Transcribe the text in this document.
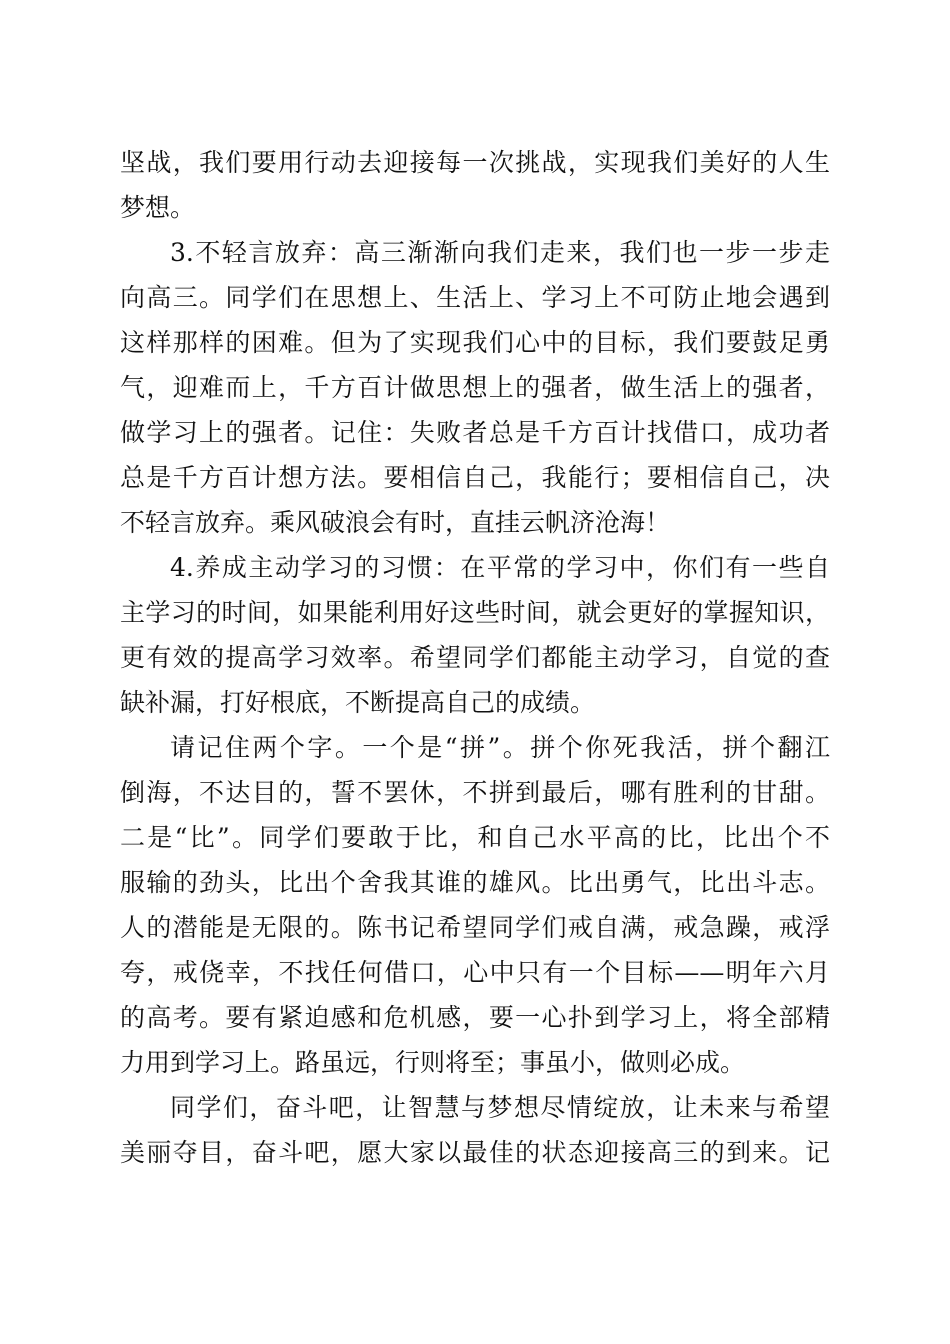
坚战，我们要用行动去迎接每一次挑战，实现我们美好的人生
梦想。
3.不轻言放弃：高三渐渐向我们走来，我们也一步一步走
向高三。同学们在思想上、生活上、学习上不可防止地会遇到
这样那样的困难。但为了实现我们心中的目标，我们要鼓足勇
气，迎难而上，千方百计做思想上的强者，做生活上的强者，
做学习上的强者。记住：失败者总是千方百计找借口，成功者
总是千方百计想方法。要相信自己，我能行；要相信自己，决
不轻言放弃。乘风破浪会有时，直挂云帆济沧海！
4.养成主动学习的习惯：在平常的学习中，你们有一些自
主学习的时间，如果能利用好这些时间，就会更好的掌握知识，
更有效的提高学习效率。希望同学们都能主动学习，自觉的查
缺补漏，打好根底，不断提高自己的成绩。
请记住两个字。一个是“拼”。拼个你死我活，拼个翻江
倒海，不达目的，誓不罢休，不拼到最后，哪有胜利的甘甜。
二是“比”。同学们要敢于比，和自己水平高的比，比出个不
服输的劲头，比出个舍我其谁的雄风。比出勇气，比出斗志。
人的潜能是无限的。陈书记希望同学们戒自满，戒急躁，戒浮
夸，戒侥幸，不找任何借口，心中只有一个目标——明年六月
的高考。要有紧迫感和危机感，要一心扑到学习上，将全部精
力用到学习上。路虽远，行则将至；事虽小，做则必成。
同学们，奋斗吧，让智慧与梦想尽情绽放，让未来与希望
美丽夺目，奋斗吧，愿大家以最佳的状态迎接高三的到来。记
